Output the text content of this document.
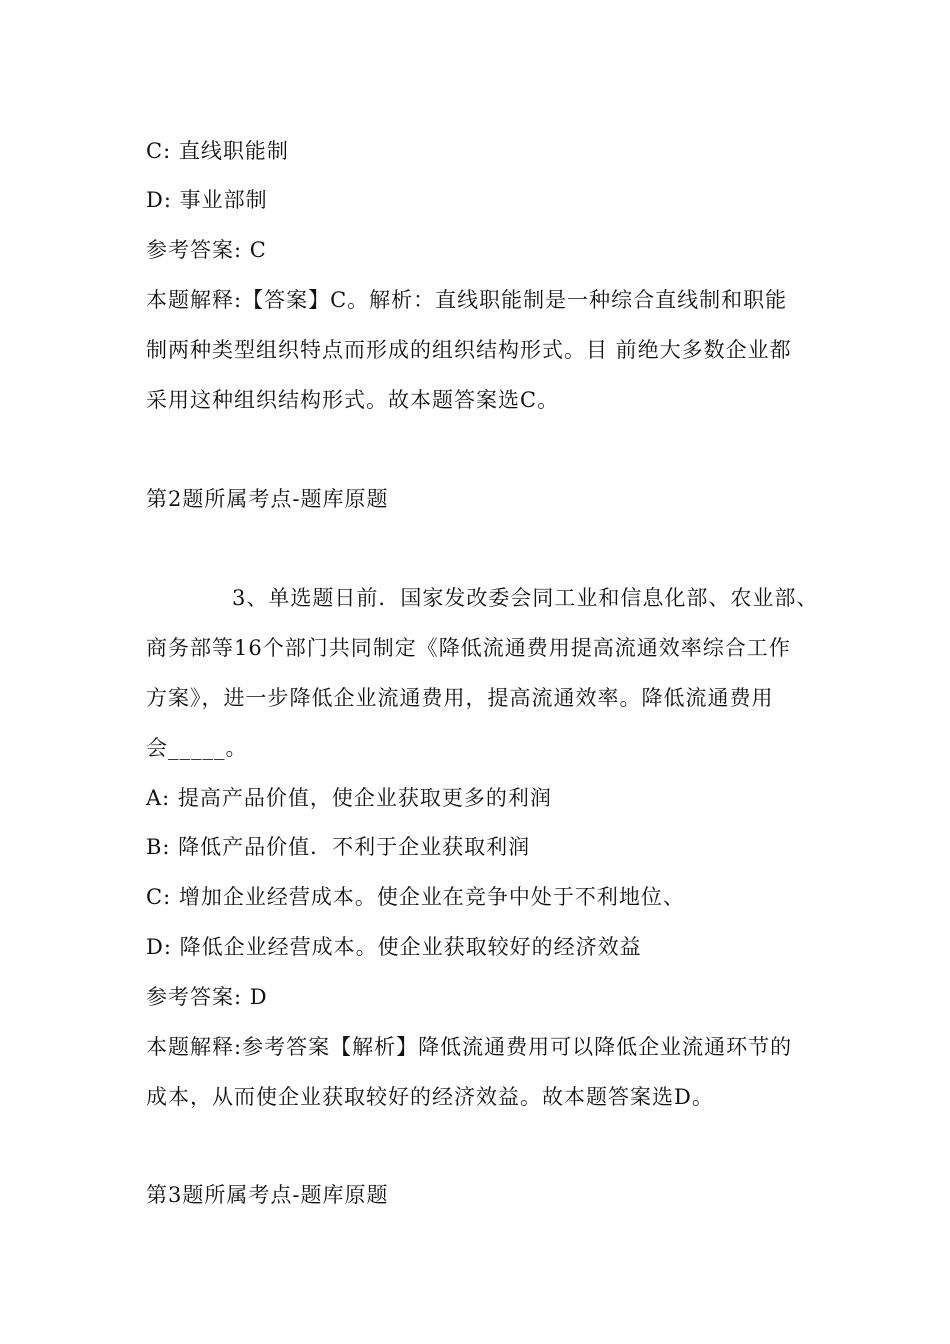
C: 直线职能制
D: 事业部制
参考答案: C
本题解释:【答案】C。解析：直线职能制是一种综合直线制和职能
制两种类型组织特点而形成的组织结构形式。目 前绝大多数企业都
采用这种组织结构形式。故本题答案选C。
第2题所属考点-题库原题
3、单选题日前．国家发改委会同工业和信息化部、农业部、
商务部等16个部门共同制定《降低流通费用提高流通效率综合工作
方案》，进一步降低企业流通费用，提高流通效率。降低流通费用
会_____。
A: 提高产品价值，使企业获取更多的利润
B: 降低产品价值．不利于企业获取利润
C: 增加企业经营成本。使企业在竞争中处于不利地位、
D: 降低企业经营成本。使企业获取较好的经济效益
参考答案: D
本题解释:参考答案【解析】降低流通费用可以降低企业流通环节的
成本，从而使企业获取较好的经济效益。故本题答案选D。
第3题所属考点-题库原题
